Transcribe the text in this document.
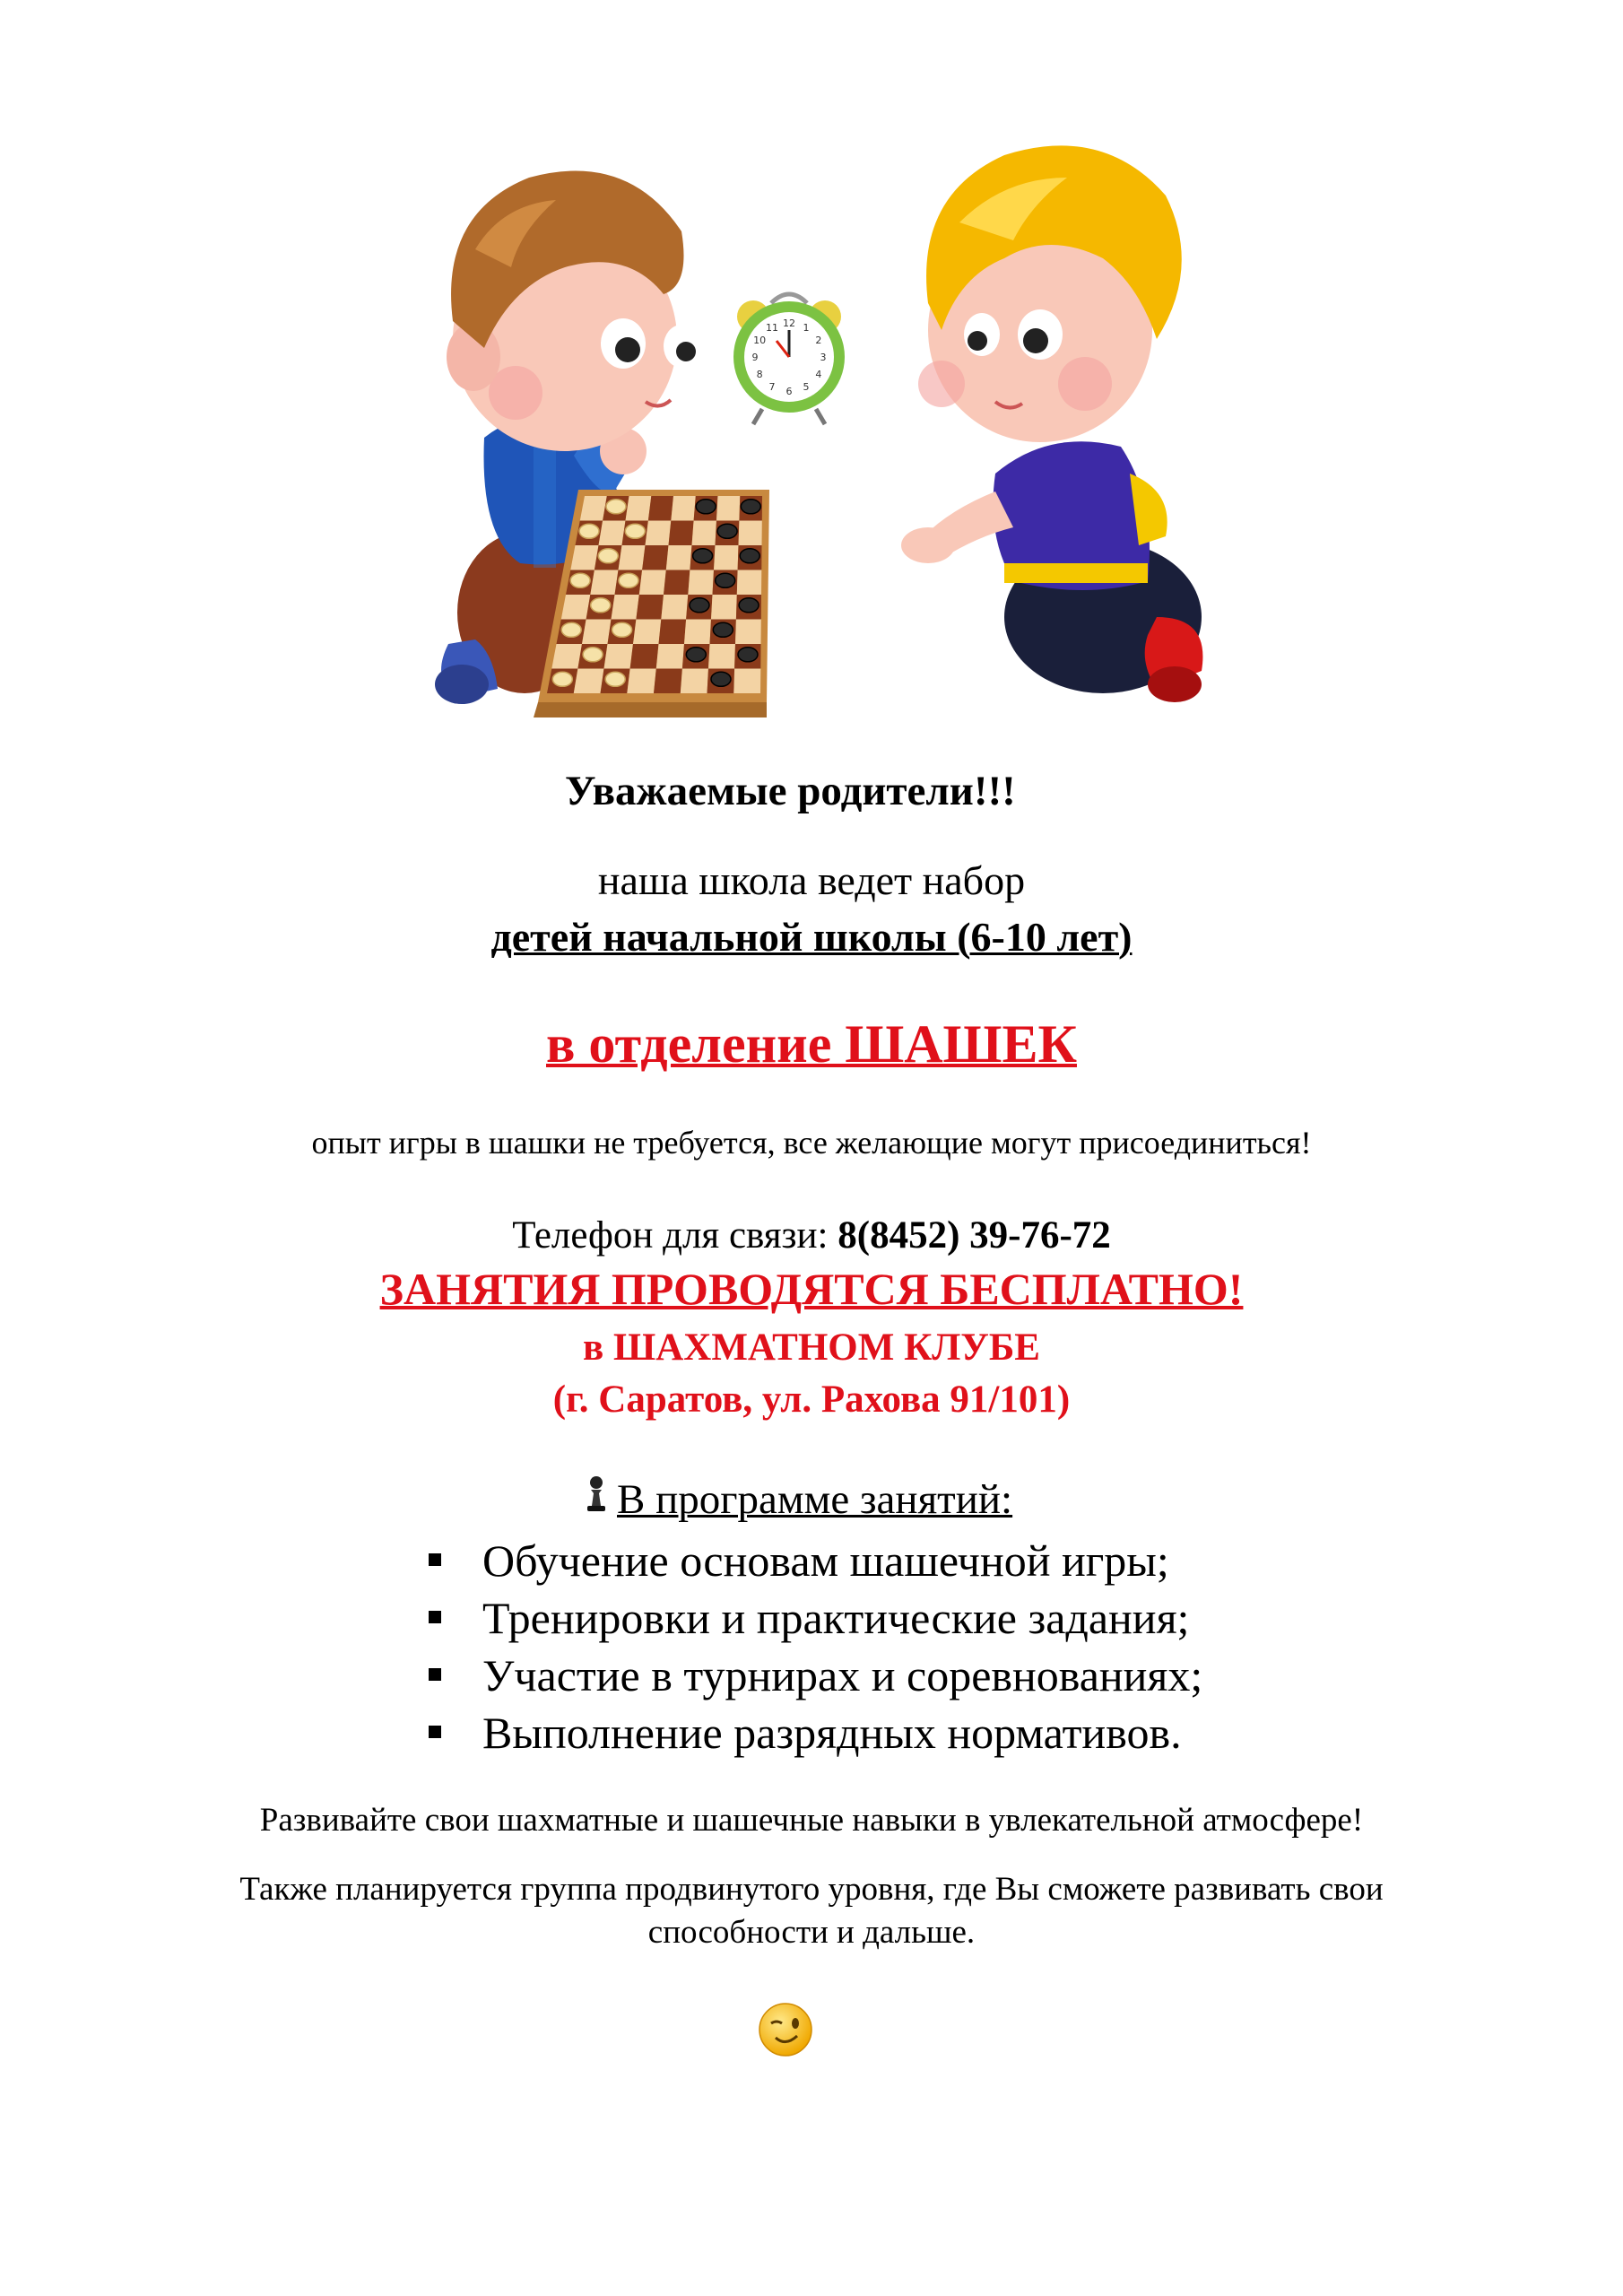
12 1
2
3
4
5
6
7
8
9
10
11
Уважаемые родители!!!
наша школа ведет набор
детей начальной школы (6-10 лет)
в отделение ШАШЕК
опыт игры в шашки не требуется, все желающие могут присоединиться!
Телефон для связи: 8(8452) 39-76-72
ЗАНЯТИЯ ПРОВОДЯТСЯ БЕСПЛАТНО!
в ШАХМАТНОМ КЛУБЕ
(г. Саратов, ул. Рахова 91/101)
В программе занятий:
Обучение основам шашечной игры;
Тренировки и практические задания;
Участие в турнирах и соревнованиях;
Выполнение разрядных нормативов.
Развивайте свои шахматные и шашечные навыки в увлекательной атмосфере!
Также планируется группа продвинутого уровня, где Вы сможете развивать свои способности и дальше.
